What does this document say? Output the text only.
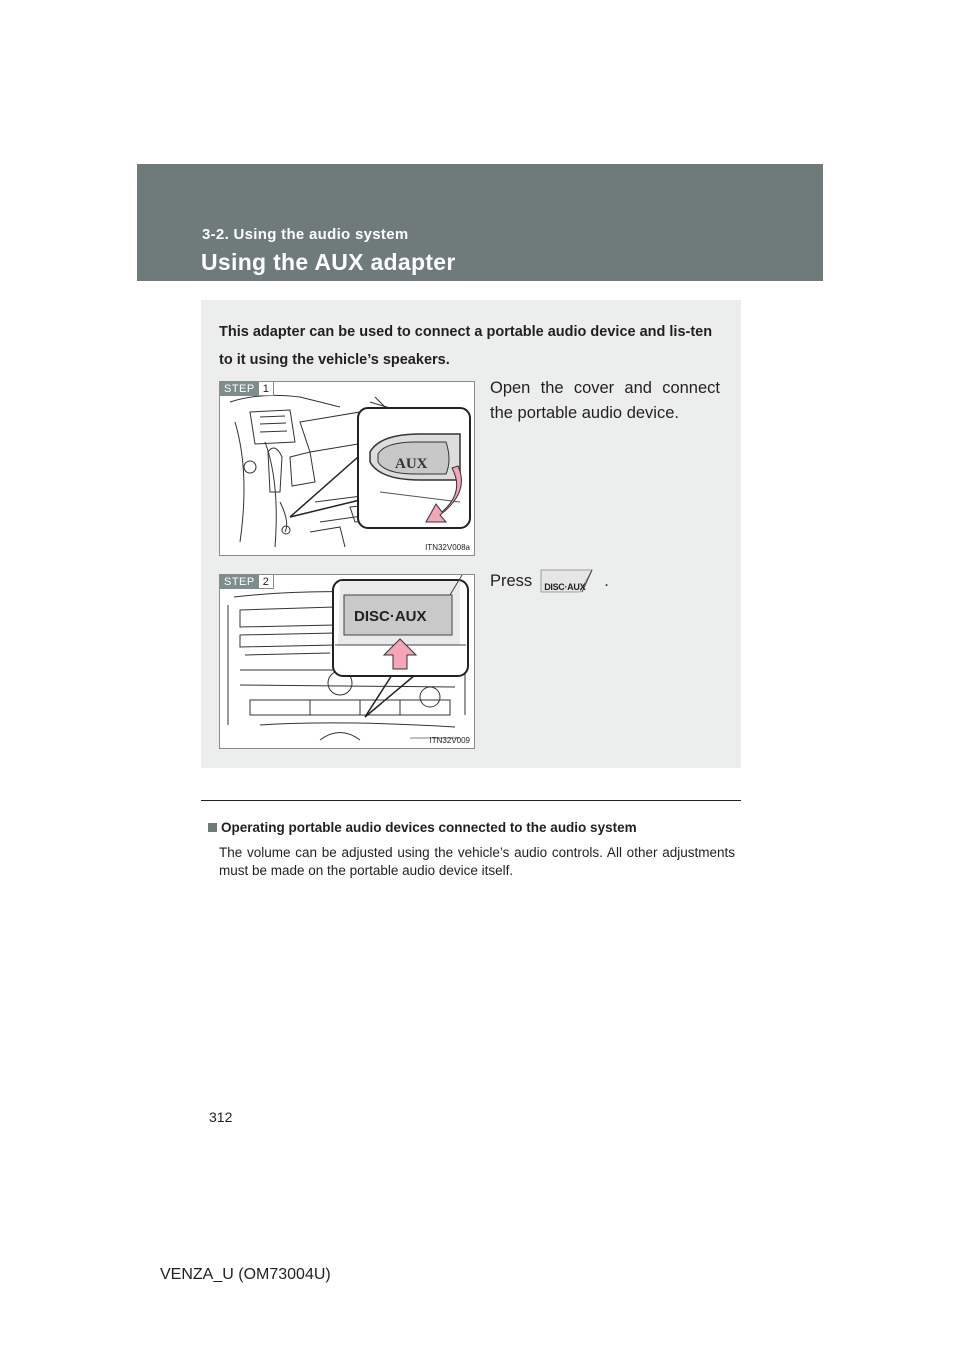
3-2. Using the audio system
Using the AUX adapter
This adapter can be used to connect a portable audio device and lis-ten to it using the vehicle’s speakers.
STEP 1
AUX
ITN32V008a
Open the cover and connect the portable audio device.
STEP 2
DISC·AUX
ITN32V009
Press DISC·AUX .
Operating portable audio devices connected to the audio system
The volume can be adjusted using the vehicle’s audio controls. All other adjustments must be made on the portable audio device itself.
312
VENZA_U (OM73004U)
